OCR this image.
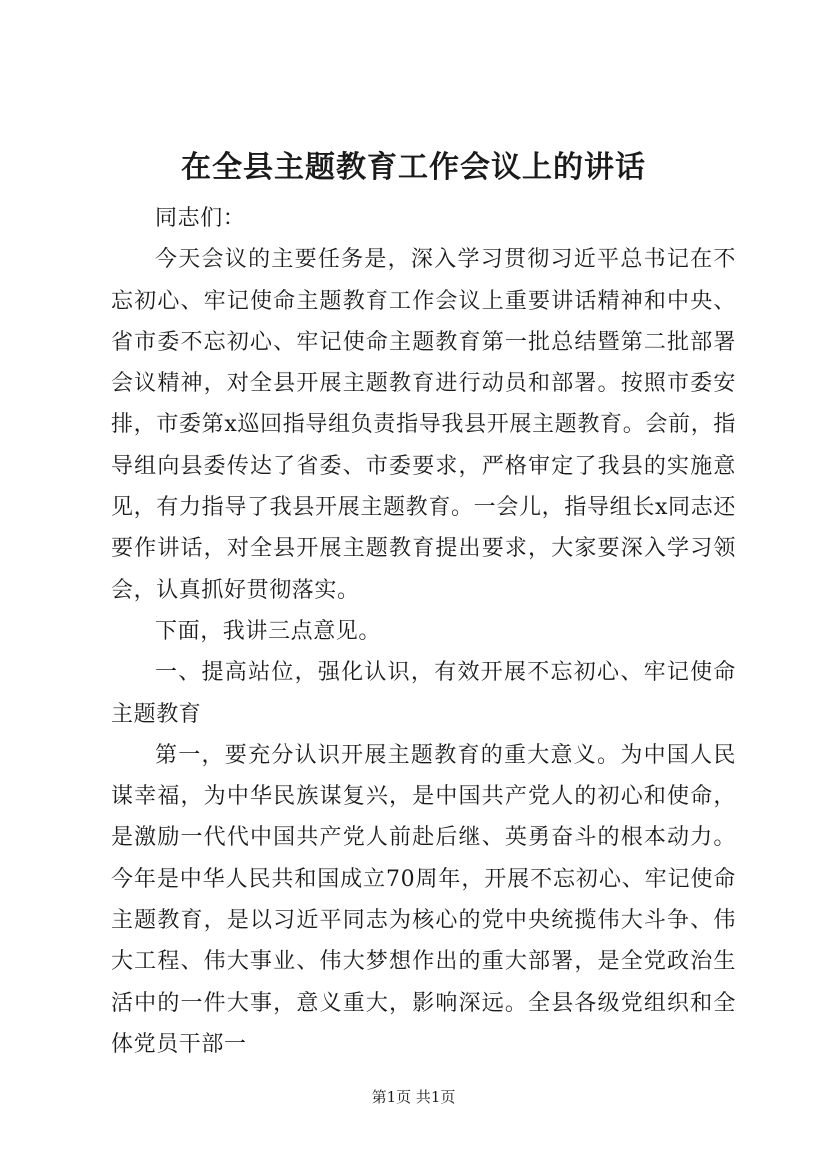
在全县主题教育工作会议上的讲话

同志们：

今天会议的主要任务是，深入学习贯彻习近平总书记在不忘初心、牢记使命主题教育工作会议上重要讲话精神和中央、省市委不忘初心、牢记使命主题教育第一批总结暨第二批部署会议精神，对全县开展主题教育进行动员和部署。按照市委安排，市委第x巡回指导组负责指导我县开展主题教育。会前，指导组向县委传达了省委、市委要求，严格审定了我县的实施意见，有力指导了我县开展主题教育。一会儿，指导组长x同志还要作讲话，对全县开展主题教育提出要求，大家要深入学习领会，认真抓好贯彻落实。

下面，我讲三点意见。

一、提高站位，强化认识，有效开展不忘初心、牢记使命主题教育

第一，要充分认识开展主题教育的重大意义。为中国人民谋幸福，为中华民族谋复兴，是中国共产党人的初心和使命，是激励一代代中国共产党人前赴后继、英勇奋斗的根本动力。今年是中华人民共和国成立70周年，开展不忘初心、牢记使命主题教育，是以习近平同志为核心的党中央统揽伟大斗争、伟大工程、伟大事业、伟大梦想作出的重大部署，是全党政治生活中的一件大事，意义重大，影响深远。全县各级党组织和全体党员干部一

第1页 共1页
